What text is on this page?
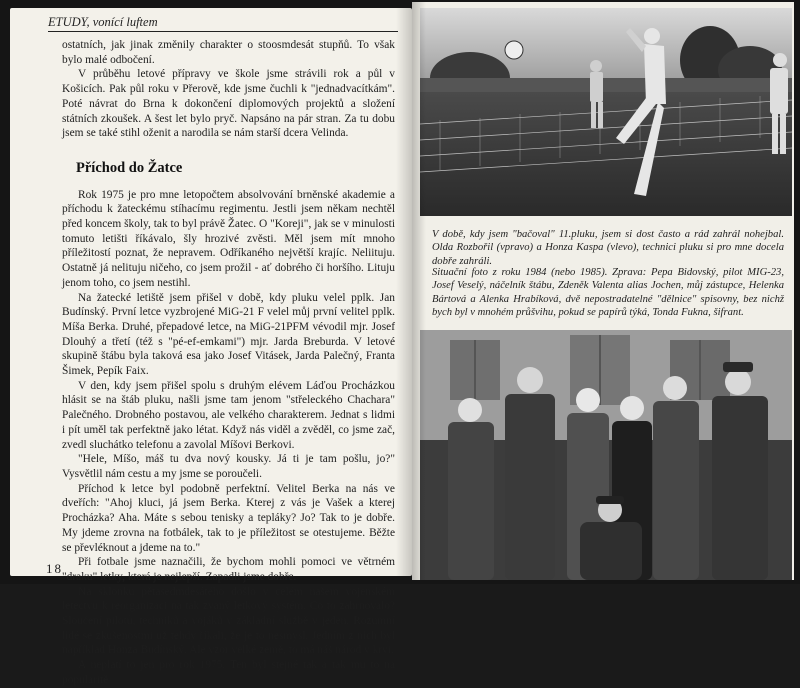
ETUDY, vonící luftem

ostatních, jak jinak změnily charakter o stoosmdesát stupňů. To však bylo malé odbočení.

V průběhu letové přípravy ve škole jsme strávili rok a půl v Košicích. Pak půl roku v Přerově, kde jsme čuchli k "jednadvacítkám". Poté návrat do Brna k dokončení diplomových projektů a složení státních zkoušek. A šest let bylo pryč. Napsáno na pár stran. Za tu dobu jsem se také stihl oženit a narodila se nám starší dcera Velinda.

Příchod do Žatce

Rok 1975 je pro mne letopočtem absolvování brněnské akademie a příchodu k žateckému stíhacímu regimentu. Jestli jsem někam nechtěl před koncem školy, tak to byl právě Žatec. O "Koreji", jak se v minulosti tomuto letišti říkávalo, šly hrozivé zvěsti. Měl jsem mít mnoho příležitostí poznat, že nepravem. Odříkaného největší krajíc. Neliituju. Ostatně já nelituju ničeho, co jsem prožil - ať dobrého či horšího. Lituju jenom toho, co jsem nestihl.

Na žatecké letiště jsem přišel v době, kdy pluku velel pplk. Jan Budínský. První letce vyzbrojené MiG-21 F velel můj první velitel pplk. Míša Berka. Druhé, přepadové letce, na MiG-21PFM vévodil mjr. Josef Dlouhý a třetí (též s "pé-ef-emkami") mjr. Jarda Breburda. V letové skupině štábu byla taková esa jako Josef Vitásek, Jarda Palečný, Franta Šimek, Pepík Faix.

V den, kdy jsem přišel spolu s druhým elévem Láďou Procházkou hlásit se na štáb pluku, našli jsme tam jenom "střeleckého Chachara" Palečného. Drobného postavou, ale velkého charakterem. Jednat s lidmi i pít uměl tak perfektně jako létat. Když nás viděl a zvěděl, co jsme zač, zvedl sluchátko telefonu a zavolal Míšovi Berkovi.

"Hele, Míšo, máš tu dva nový kousky. Já ti je tam pošlu, jo?" Vysvětlil nám cestu a my jsme se poroučeli.

Příchod k letce byl podobně perfektní. Velitel Berka na nás ve dveřích: "Ahoj kluci, já jsem Berka. Kterej z vás je Vašek a kterej Procházka? Aha. Máte s sebou tenisky a tepláky? Jo? Tak to je dobře. My jdeme zrovna na fotbálek, tak to je příležitost se otestujeme. Běžte se převléknout a jdeme na to."

Při fotbale jsme naznačili, že bychom mohli pomoci ve větrném "draku" letky, která je nejlepší. Zapadli jsme dobře.

Na sklonku pětasedmdesátého došlo v celém našem vojenském letectvu k reorganizaci na tak zvaný letkový systém. Co to zahrnovalo? Sloučení pilotů, techniků a vojáků v základní službě v jeden. Rozumní lidé se zkušenostmi už tehdy říkali, že je to nesmysl. Jedním z nich byl například Honza Budínský. Ale vzor velké země, to má náš národ v krvi.

A neplatí to jen pro rok 1975. Ten byl stejné tak a tak mu to na popularitě

18
V době, kdy jsem "bačoval" 11.pluku, jsem si dost často a rád zahrál nohejbal. Olda Rozbořil (vpravo) a Honza Kaspa (vlevo), technici pluku si pro mne docela dobře zahráli.
Situační foto z roku 1984 (nebo 1985). Zprava: Pepa Bidovský, pilot MIG-23, Josef Veselý, náčelník štábu, Zdeněk Valenta alias Jochen, můj zástupce, Helenka Bártová a Alenka Hrabíková, dvě nepostradatelné "dělnice" spisovny, bez nichž bych byl v mnohém průšvihu, pokud se papírů týká, Tonda Fukna, šifrant.
